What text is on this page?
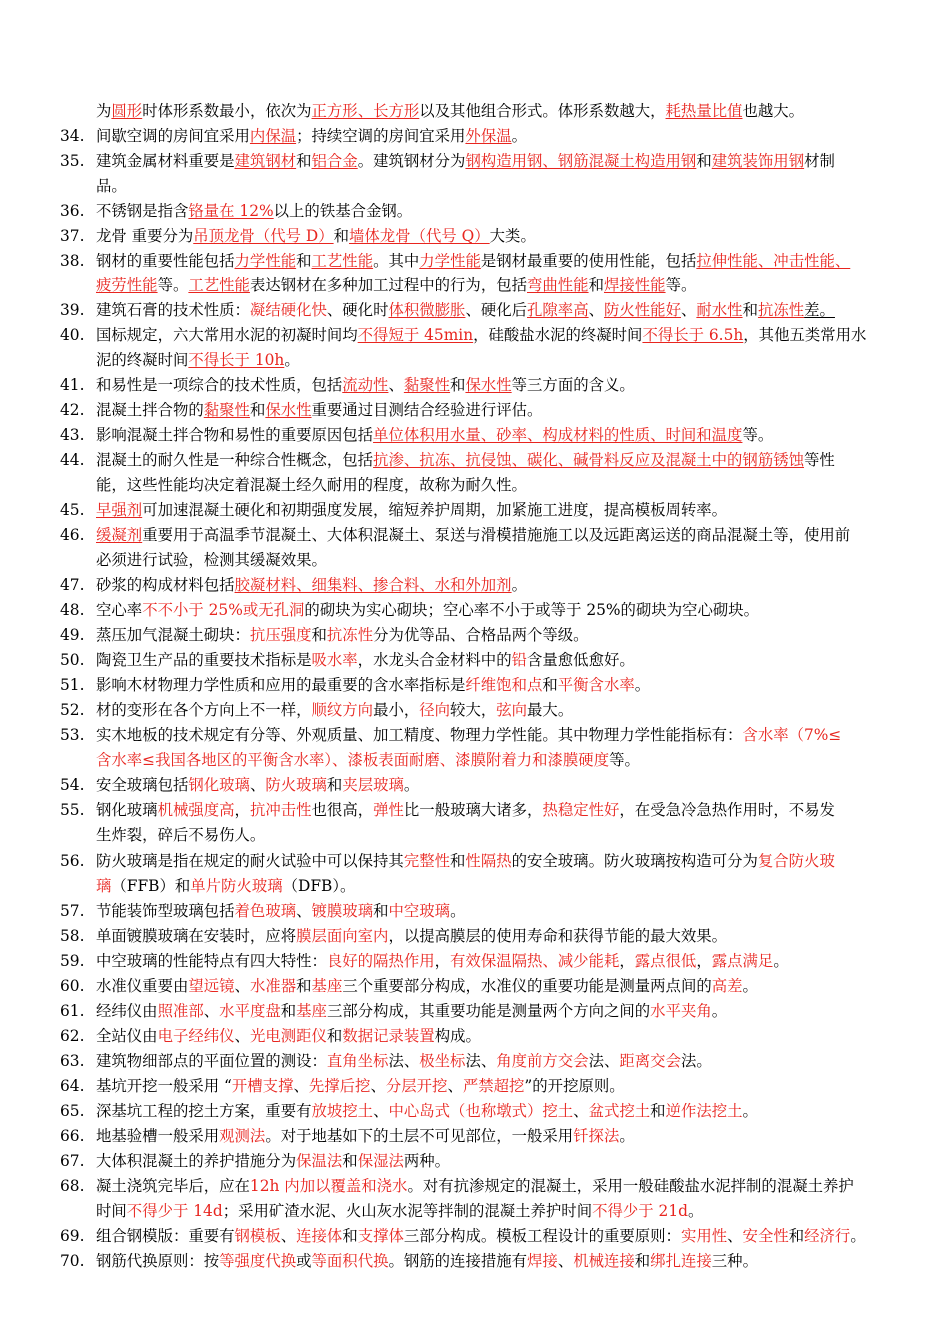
为圆形时体形系数最小，依次为正方形、长方形以及其他组合形式。体形系数越大，耗热量比值也越大。
34. 间歇空调的房间宜采用内保温；持续空调的房间宜采用外保温。
35. 建筑金属材料重要是建筑钢材和铝合金。建筑钢材分为钢构造用钢、钢筋混凝土构造用钢和建筑装饰用钢材制
品。
36. 不锈钢是指含铬量在 12%以上的铁基合金钢。
37. 龙骨 重要分为吊顶龙骨（代号 D）和墙体龙骨（代号 Q）大类。
38. 钢材的重要性能包括力学性能和工艺性能。其中力学性能是钢材最重要的使用性能，包括拉伸性能、冲击性能、
疲劳性能等。工艺性能表达钢材在多种加工过程中的行为，包括弯曲性能和焊接性能等。
39. 建筑石膏的技术性质：凝结硬化快、硬化时体积微膨胀、硬化后孔隙率高、防火性能好、耐水性和抗冻性差。
40. 国标规定，六大常用水泥的初凝时间均不得短于 45min，硅酸盐水泥的终凝时间不得长于 6.5h，其他五类常用水
泥的终凝时间不得长于 10h。
41. 和易性是一项综合的技术性质，包括流动性、黏聚性和保水性等三方面的含义。
42. 混凝土拌合物的黏聚性和保水性重要通过目测结合经验进行评估。
43. 影响混凝土拌合物和易性的重要原因包括单位体积用水量、砂率、构成材料的性质、时间和温度等。
44. 混凝土的耐久性是一种综合性概念，包括抗渗、抗冻、抗侵蚀、碳化、碱骨料反应及混凝土中的钢筋锈蚀等性
能，这些性能均决定着混凝土经久耐用的程度，故称为耐久性。
45. 早强剂可加速混凝土硬化和初期强度发展，缩短养护周期，加紧施工进度，提高模板周转率。
46. 缓凝剂重要用于高温季节混凝土、大体积混凝土、泵送与滑模措施施工以及远距离运送的商品混凝土等，使用前
必须进行试验，检测其缓凝效果。
47. 砂浆的构成材料包括胶凝材料、细集料、掺合料、水和外加剂。
48. 空心率不不小于 25%或无孔洞的砌块为实心砌块；空心率不小于或等于 25%的砌块为空心砌块。
49. 蒸压加气混凝土砌块：抗压强度和抗冻性分为优等品、合格品两个等级。
50. 陶瓷卫生产品的重要技术指标是吸水率，水龙头合金材料中的铅含量愈低愈好。
51. 影响木材物理力学性质和应用的最重要的含水率指标是纤维饱和点和平衡含水率。
52. 材的变形在各个方向上不一样，顺纹方向最小，径向较大，弦向最大。
53. 实木地板的技术规定有分等、外观质量、加工精度、物理力学性能。其中物理力学性能指标有：含水率（7%≤
含水率≤我国各地区的平衡含水率）、漆板表面耐磨、漆膜附着力和漆膜硬度等。
54. 安全玻璃包括钢化玻璃、防火玻璃和夹层玻璃。
55. 钢化玻璃机械强度高，抗冲击性也很高，弹性比一般玻璃大诸多，热稳定性好，在受急冷急热作用时，不易发
生炸裂，碎后不易伤人。
56. 防火玻璃是指在规定的耐火试验中可以保持其完整性和性隔热的安全玻璃。防火玻璃按构造可分为复合防火玻
璃（FFB）和单片防火玻璃（DFB）。
57. 节能装饰型玻璃包括着色玻璃、镀膜玻璃和中空玻璃。
58. 单面镀膜玻璃在安装时，应将膜层面向室内，以提高膜层的使用寿命和获得节能的最大效果。
59. 中空玻璃的性能特点有四大特性：良好的隔热作用，有效保温隔热、减少能耗，露点很低，露点满足。
60. 水准仪重要由望远镜、水准器和基座三个重要部分构成，水准仪的重要功能是测量两点间的高差。
61. 经纬仪由照准部、水平度盘和基座三部分构成，其重要功能是测量两个方向之间的水平夹角。
62. 全站仪由电子经纬仪、光电测距仪和数据记录装置构成。
63. 建筑物细部点的平面位置的测设：直角坐标法、极坐标法、角度前方交会法、距离交会法。
64. 基坑开挖一般采用 “开槽支撑、先撑后挖、分层开挖、严禁超挖”的开挖原则。
65. 深基坑工程的挖土方案，重要有放坡挖土、中心岛式（也称墩式）挖土、盆式挖土和逆作法挖土。
66. 地基验槽一般采用观测法。对于地基如下的土层不可见部位，一般采用钎探法。
67. 大体积混凝土的养护措施分为保温法和保湿法两种。
68. 凝土浇筑完毕后，应在12h 内加以覆盖和浇水。对有抗渗规定的混凝土，采用一般硅酸盐水泥拌制的混凝土养护
时间不得少于 14d；采用矿渣水泥、火山灰水泥等拌制的混凝土养护时间不得少于 21d。
69. 组合钢模版：重要有钢模板、连接体和支撑体三部分构成。模板工程设计的重要原则：实用性、安全性和经济行。
70. 钢筋代换原则：按等强度代换或等面积代换。钢筋的连接措施有焊接、机械连接和绑扎连接三种。
